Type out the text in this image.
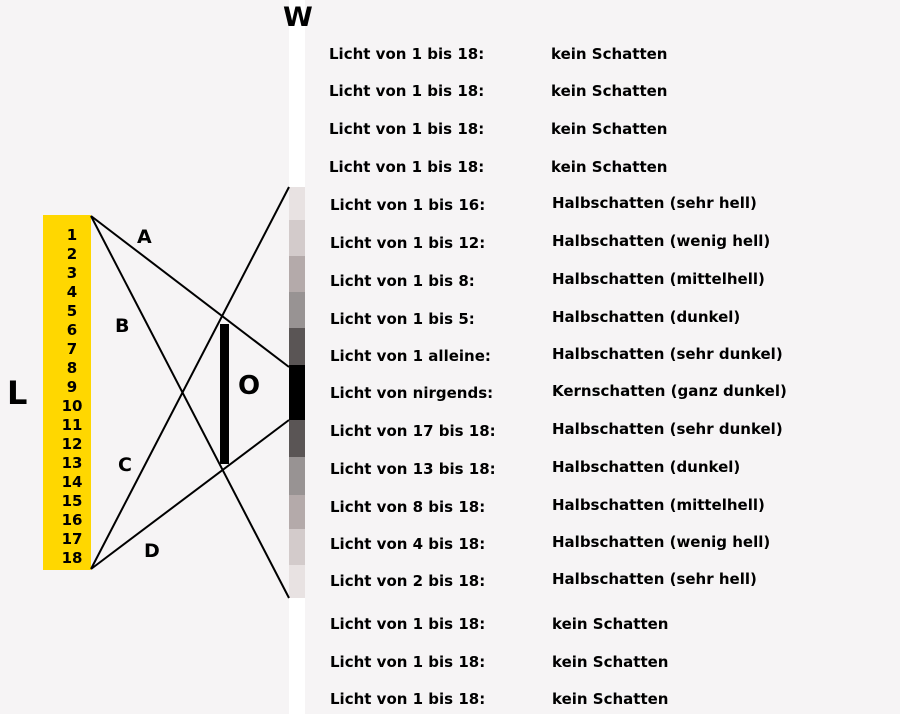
1
2
3
4
5
6
7
8
9
10
11
12
13
14
15
16
17
18
W
L	O
A
B
C
D
Licht von 1 bis 18:	kein Schatten
Licht von 1 bis 18:	kein Schatten
Licht von 1 bis 18:	kein Schatten
Licht von 1 bis 18:	kein Schatten
Licht von 1 bis 16:	Halbschatten (sehr hell)
Licht von 1 bis 12:	Halbschatten (wenig hell)
Licht von 1 bis 8:	Halbschatten (mittelhell)
Licht von 1 bis 5:	Halbschatten (dunkel)
Licht von 1 alleine:	Halbschatten (sehr dunkel)
Licht von nirgends:	Kernschatten (ganz dunkel)
Licht von 17 bis 18:	Halbschatten (sehr dunkel)
Licht von 13 bis 18:	Halbschatten (dunkel)
Licht von 8 bis 18:	Halbschatten (mittelhell)
Licht von 4 bis 18:	Halbschatten (wenig hell)
Licht von 2 bis 18:	Halbschatten (sehr hell)
Licht von 1 bis 18:	kein Schatten
Licht von 1 bis 18:	kein Schatten
Licht von 1 bis 18:	kein Schatten
